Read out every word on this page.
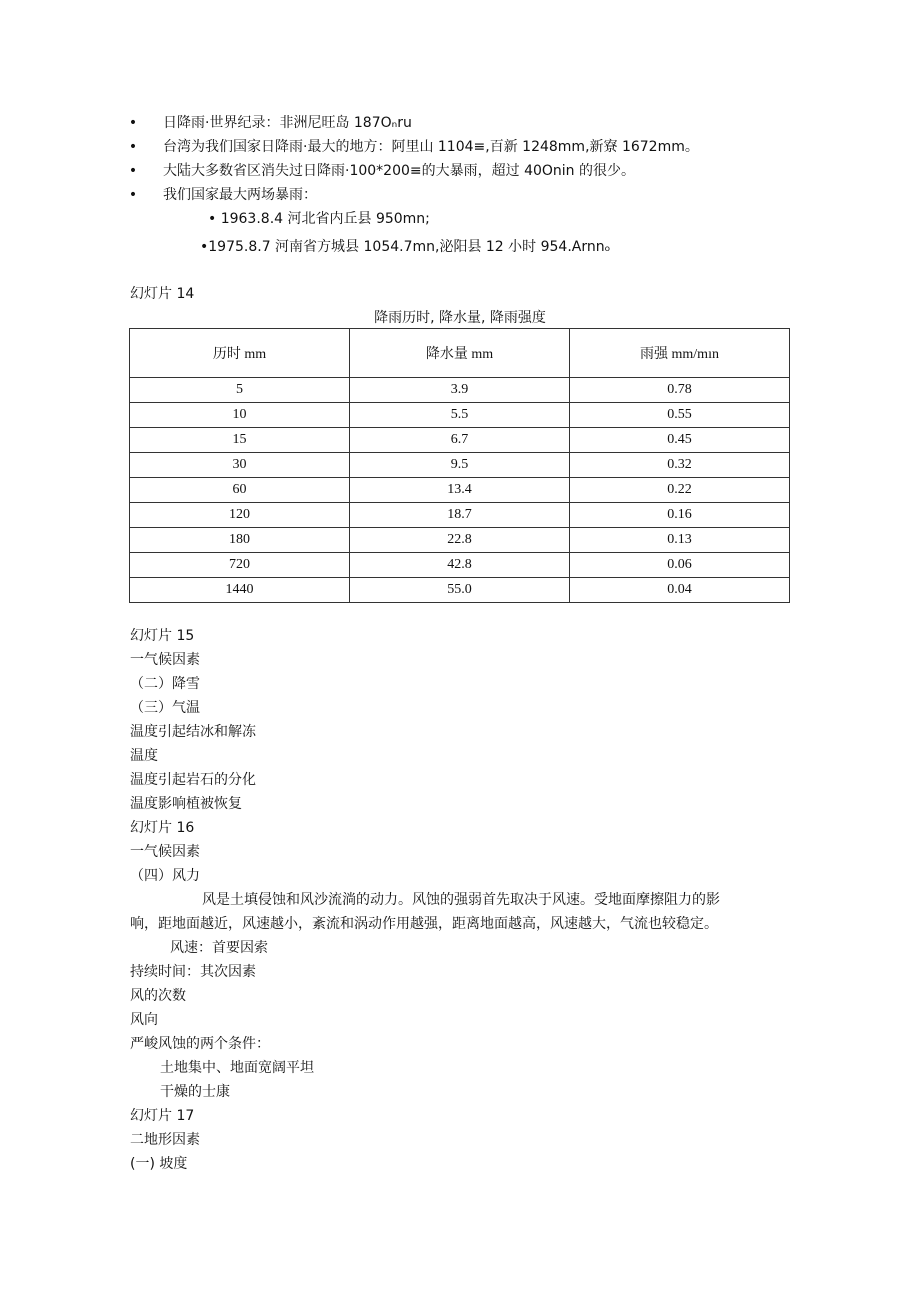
• 日降雨·世界纪录：非洲尼旺岛 187Oₙru
• 台湾为我们国家日降雨·最大的地方：阿里山 1104≡,百新 1248mm,新寮 1672mm。
• 大陆大多数省区消失过日降雨·100*200≡的大暴雨，超过 40Onin 的很少。
• 我们国家最大两场暴雨：
• 1963.8.4 河北省内丘县 950mn;
•1975.8.7 河南省方城县 1054.7mn,泌阳县 12 小时 954.Arnnₒ
幻灯片 14
降雨历时, 降水量, 降雨强度
历时 mm	降水量 mm	雨强 mm/mın
5	3.9	0.78
10	5.5	0.55
15	6.7	0.45
30	9.5	0.32
60	13.4	0.22
120	18.7	0.16
180	22.8	0.13
720	42.8	0.06
1440	55.0	0.04
幻灯片 15
一气候因素
（二）降雪
（三）气温
温度引起结冰和解冻
温度
温度引起岩石的分化
温度影响植被恢复
幻灯片 16
一气候因素
（四）风力
风是土填侵蚀和风沙流淌的动力。风蚀的强弱首先取决于风速。受地面摩擦阻力的影
响，距地面越近，风速越小，紊流和涡动作用越强，距离地面越高，风速越大，气流也较稳定。
风速：首要因索
持续时间：其次因素
风的次数
风向
严峻风蚀的两个条件：
土地集中、地面宽阔平坦
干燥的士康
幻灯片 17
二地形因素
(一) 坡度
